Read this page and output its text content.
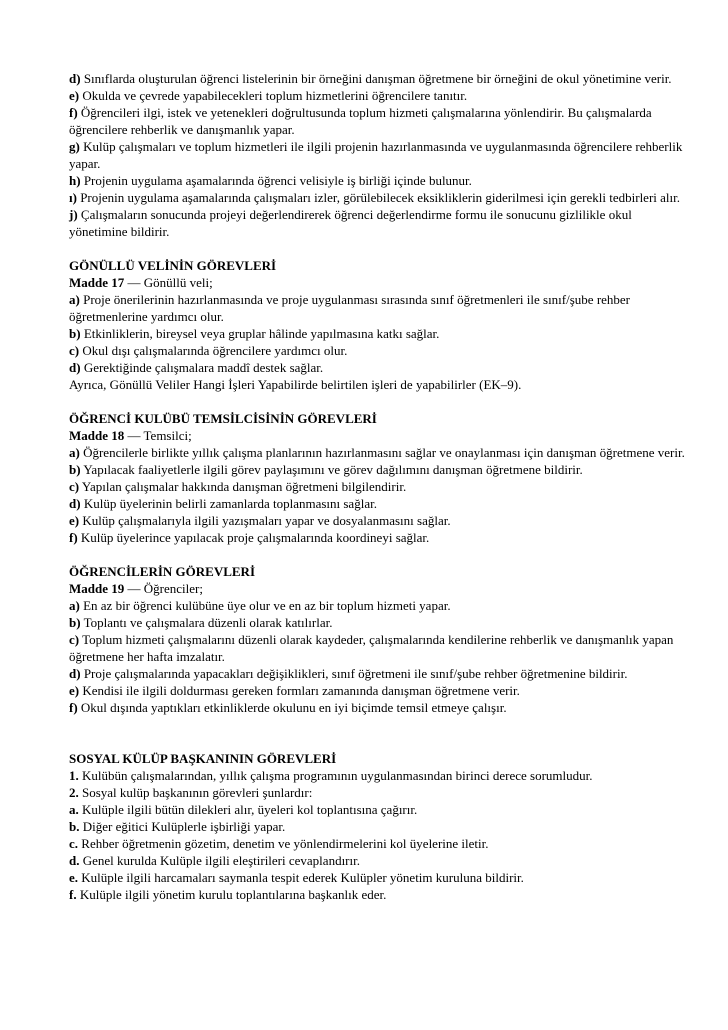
d) Sınıflarda oluşturulan öğrenci listelerinin bir örneğini danışman öğretmene bir örneğini de okul yönetimine verir.

e) Okulda ve çevrede yapabilecekleri toplum hizmetlerini öğrencilere tanıtır.

f) Öğrencileri ilgi, istek ve yetenekleri doğrultusunda toplum hizmeti çalışmalarına yönlendirir. Bu çalışmalarda öğrencilere rehberlik ve danışmanlık yapar.

g) Kulüp çalışmaları ve toplum hizmetleri ile ilgili projenin hazırlanmasında ve uygulanmasında öğrencilere rehberlik yapar.

h) Projenin uygulama aşamalarında öğrenci velisiyle iş birliği içinde bulunur.

ı) Projenin uygulama aşamalarında çalışmaları izler, görülebilecek eksikliklerin giderilmesi için gerekli tedbirleri alır.

j) Çalışmaların sonucunda projeyi değerlendirerek öğrenci değerlendirme formu ile sonucunu gizlilikle okul yönetimine bildirir.

GÖNÜLLÜ VELİNİN GÖREVLERİ

Madde 17 — Gönüllü veli;

a) Proje önerilerinin hazırlanmasında ve proje uygulanması sırasında sınıf öğretmenleri ile sınıf/şube rehber öğretmenlerine yardımcı olur.

b) Etkinliklerin, bireysel veya gruplar hâlinde yapılmasına katkı sağlar.

c) Okul dışı çalışmalarında öğrencilere yardımcı olur.

d) Gerektiğinde çalışmalara maddî destek sağlar.

Ayrıca, Gönüllü Veliler Hangi İşleri Yapabilirde belirtilen işleri de yapabilirler (EK–9).

ÖĞRENCİ KULÜBÜ TEMSİLCİSİNİN GÖREVLERİ

Madde 18 — Temsilci;

a) Öğrencilerle birlikte yıllık çalışma planlarının hazırlanmasını sağlar ve onaylanması için danışman öğretmene verir.

b) Yapılacak faaliyetlerle ilgili görev paylaşımını ve görev dağılımını danışman öğretmene bildirir.

c) Yapılan çalışmalar hakkında danışman öğretmeni bilgilendirir.

d) Kulüp üyelerinin belirli zamanlarda toplanmasını sağlar.

e) Kulüp çalışmalarıyla ilgili yazışmaları yapar ve dosyalanmasını sağlar.

f) Kulüp üyelerince yapılacak proje çalışmalarında koordineyi sağlar.

ÖĞRENCİLERİN GÖREVLERİ

Madde 19 — Öğrenciler;

a) En az bir öğrenci kulübüne üye olur ve en az bir toplum hizmeti yapar.

b) Toplantı ve çalışmalara düzenli olarak katılırlar.

c) Toplum hizmeti çalışmalarını düzenli olarak kaydeder, çalışmalarında kendilerine rehberlik ve danışmanlık yapan öğretmene her hafta imzalatır.

d) Proje çalışmalarında yapacakları değişiklikleri, sınıf öğretmeni ile sınıf/şube rehber öğretmenine bildirir.

e) Kendisi ile ilgili doldurması gereken formları zamanında danışman öğretmene verir.

f) Okul dışında yaptıkları etkinliklerde okulunu en iyi biçimde temsil etmeye çalışır.

SOSYAL KÜLÜP BAŞKANININ GÖREVLERİ

1. Kulübün çalışmalarından, yıllık çalışma programının uygulanmasından birinci derece sorumludur.

2. Sosyal kulüp başkanının görevleri şunlardır:

a. Kulüple ilgili bütün dilekleri alır, üyeleri kol toplantısına çağırır.

b. Diğer eğitici Kulüplerle işbirliği yapar.

c. Rehber öğretmenin gözetim, denetim ve yönlendirmelerini kol üyelerine iletir.

d. Genel kurulda Kulüple ilgili eleştirileri cevaplandırır.

e. Kulüple ilgili harcamaları saymanla tespit ederek Kulüpler yönetim kuruluna bildirir.

f. Kulüple ilgili yönetim kurulu toplantılarına başkanlık eder.
